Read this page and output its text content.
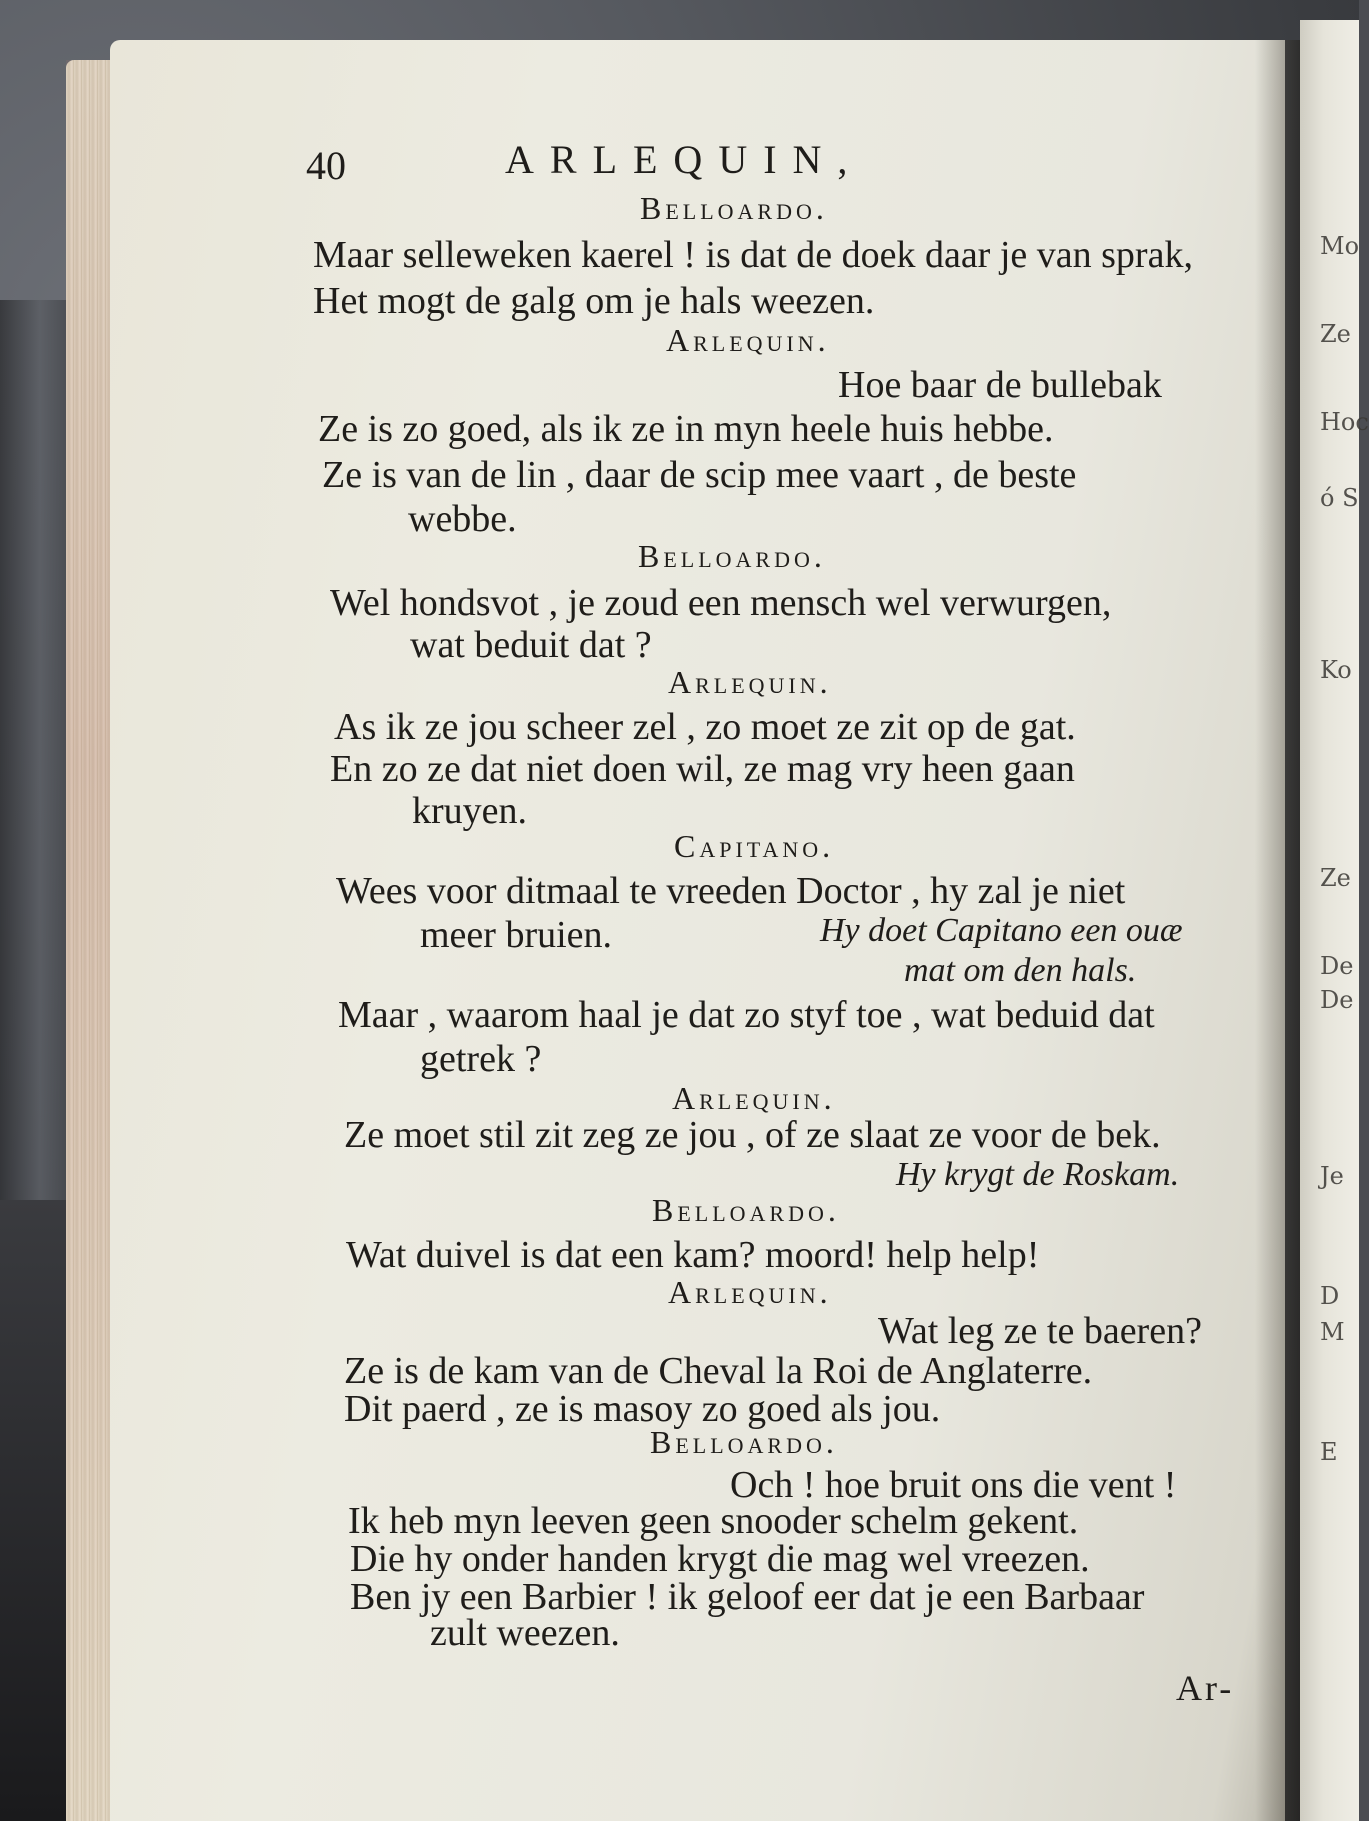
Mo
Ze
Hoc
ó S
Ko
Ze
De
De
Je
D
M
E
40	ARLEQUIN,
Belloardo.
Maar selleweken kaerel ! is dat de doek daar je van sprak,
Het mogt de galg om je hals weezen.
Arlequin.
Hoe baar de bullebak
Ze is zo goed, als ik ze in myn heele huis hebbe.
Ze is van de lin , daar de scip mee vaart , de beste
webbe.
Belloardo.
Wel hondsvot , je zoud een mensch wel verwurgen,
wat beduit dat ?
Arlequin.
As ik ze jou scheer zel , zo moet ze zit op de gat.
En zo ze dat niet doen wil, ze mag vry heen gaan
kruyen.
Capitano.
Wees voor ditmaal te vreeden Doctor , hy zal je niet
meer bruien.	Hy doet Capitano een ouæ
mat om den hals.
Maar , waarom haal je dat zo styf toe , wat beduid dat
getrek ?
Arlequin.
Ze moet stil zit zeg ze jou , of ze slaat ze voor de bek.
Hy krygt de Roskam.
Belloardo.
Wat duivel is dat een kam? moord! help help!
Arlequin.
Wat leg ze te baeren?
Ze is de kam van de Cheval la Roi de Anglaterre.
Dit paerd , ze is masoy zo goed als jou.
Belloardo.
Och ! hoe bruit ons die vent !
Ik heb myn leeven geen snooder schelm gekent.
Die hy onder handen krygt die mag wel vreezen.
Ben jy een Barbier ! ik geloof eer dat je een Barbaar
zult weezen.
Ar-
